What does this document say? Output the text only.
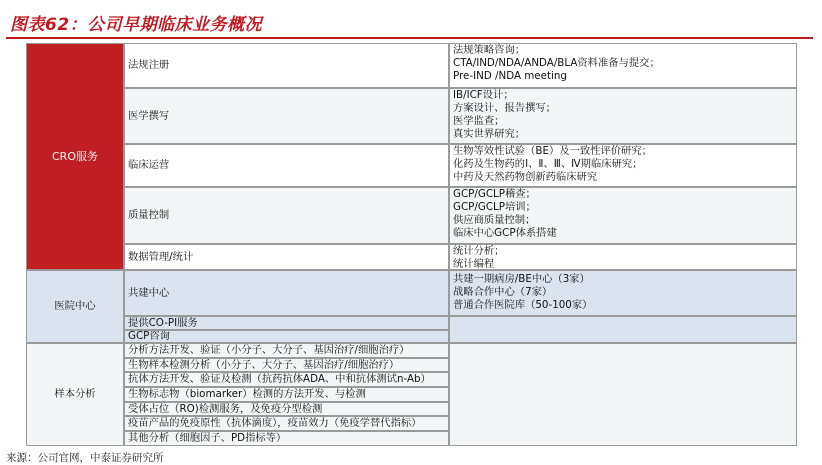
图表62：公司早期临床业务概况
CRO服务
法规注册
法规策略咨询；
CTA/IND/NDA/ANDA/BLA资料准备与提交；
Pre-IND /NDA meeting
医学撰写
IB/ICF设计；
方案设计、报告撰写；
医学监查；
真实世界研究；
临床运营
生物等效性试验（BE）及一致性评价研究；
化药及生物药的Ⅰ、Ⅱ、Ⅲ、Ⅳ期临床研究；
中药及天然药物创新药临床研究
质量控制
GCP/GCLP稽查；
GCP/GCLP培训；
供应商质量控制；
临床中心GCP体系搭建
数据管理/统计	统计分析；
统计编程
医院中心
共建中心
共建一期病房/BE中心（3家）
战略合作中心（7家）
普通合作医院库（50-100家）
提供CO-PI服务
GCP咨询
样本分析
分析方法开发、验证（小分子、大分子、基因治疗/细胞治疗）
生物样本检测分析（小分子、大分子、基因治疗/细胞治疗）
抗体方法开发、验证及检测（抗药抗体ADA、中和抗体测试n-Ab）
生物标志物（biomarker）检测的方法开发、与检测
受体占位（RO)检测服务，及免疫分型检测
疫苗产品的免疫原性（抗体滴度），疫苗效力（免疫学替代指标）
其他分析（细胞因子、PD指标等）
来源：公司官网，中泰证券研究所
